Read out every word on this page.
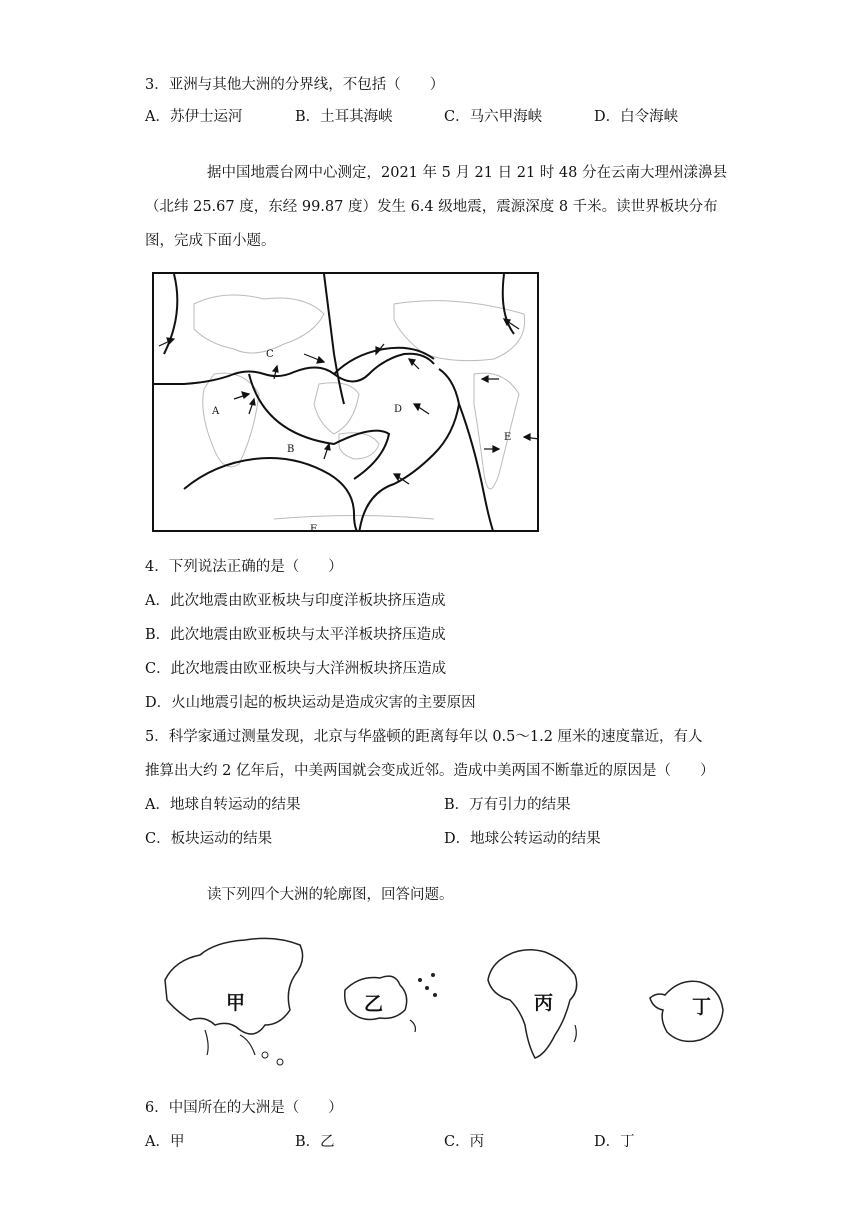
3．亚洲与其他大洲的分界线，不包括（　　）
A．苏伊士运河	B．土耳其海峡	C．马六甲海峡	D．白令海峡
据中国地震台网中心测定，2021 年 5 月 21 日 21 时 48 分在云南大理州漾濞县
（北纬 25.67 度，东经 99.87 度）发生 6.4 级地震，震源深度 8 千米。读世界板块分布
图，完成下面小题。
A
B
C
D
E
F
4．下列说法正确的是（　　）
A．此次地震由欧亚板块与印度洋板块挤压造成
B．此次地震由欧亚板块与太平洋板块挤压造成
C．此次地震由欧亚板块与大洋洲板块挤压造成
D．火山地震引起的板块运动是造成灾害的主要原因
5．科学家通过测量发现，北京与华盛顿的距离每年以 0.5～1.2 厘米的速度靠近，有人
推算出大约 2 亿年后，中美两国就会变成近邻。造成中美两国不断靠近的原因是（　　）
A．地球自转运动的结果	B．万有引力的结果
C．板块运动的结果	D．地球公转运动的结果
读下列四个大洲的轮廓图，回答问题。
甲	乙	丙	丁
6．中国所在的大洲是（　　）
A．甲	B．乙	C．丙	D．丁
